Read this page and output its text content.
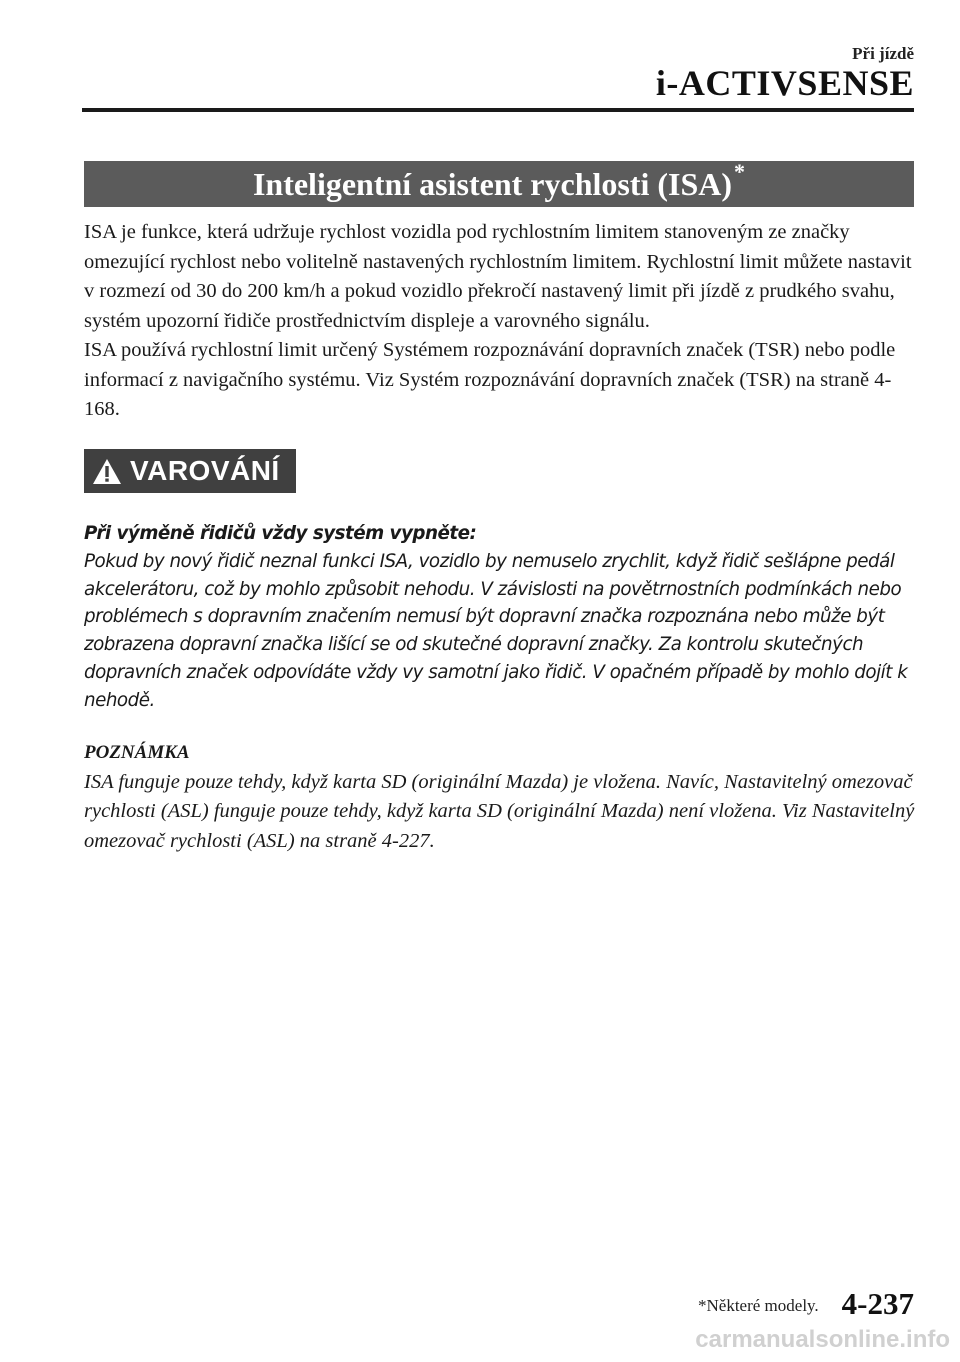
Při jízdě
i-ACTIVSENSE
Inteligentní asistent rychlosti (ISA) *

ISA je funkce, která udržuje rychlost vozidla pod rychlostním limitem stanoveným ze značky omezující rychlost nebo volitelně nastavených rychlostním limitem. Rychlostní limit můžete nastavit v rozmezí od 30 do 200 km/h a pokud vozidlo překročí nastavený limit při jízdě z prudkého svahu, systém upozorní řidiče prostřednictvím displeje a varovného signálu.

ISA používá rychlostní limit určený Systémem rozpoznávání dopravních značek (TSR) nebo podle informací z navigačního systému. Viz Systém rozpoznávání dopravních značek (TSR) na straně 4-168.

VAROVÁNÍ

Při výměně řidičů vždy systém vypněte:

Pokud by nový řidič neznal funkci ISA, vozidlo by nemuselo zrychlit, když řidič sešlápne pedál akcelerátoru, což by mohlo způsobit nehodu. V závislosti na povětrnostních podmínkách nebo problémech s dopravním značením nemusí být dopravní značka rozpoznána nebo může být zobrazena dopravní značka lišící se od skutečné dopravní značky. Za kontrolu skutečných dopravních značek odpovídáte vždy vy samotní jako řidič. V opačném případě by mohlo dojít k nehodě.

POZNÁMKA

ISA funguje pouze tehdy, když karta SD (originální Mazda) je vložena. Navíc, Nastavitelný omezovač rychlosti (ASL) funguje pouze tehdy, když karta SD (originální Mazda) není vložena. Viz Nastavitelný omezovač rychlosti (ASL) na straně 4-227.

*Některé modely. 4-237
carmanualsonline.info
